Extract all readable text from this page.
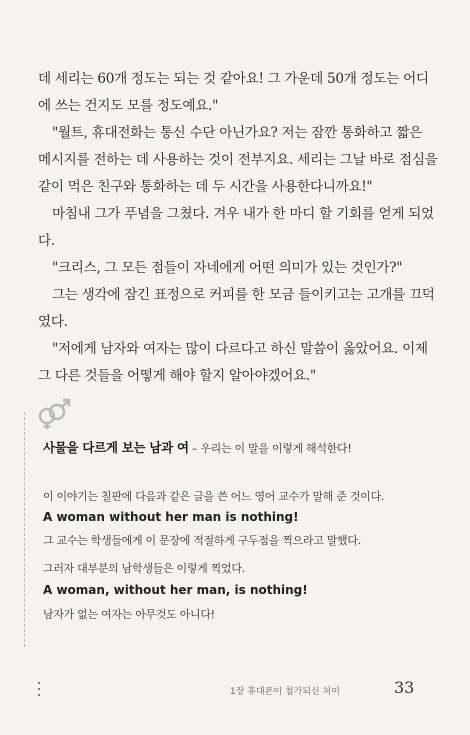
데 세리는 60개 정도는 되는 것 같아요! 그 가운데 50개 정도는 어디에 쓰는 건지도 모를 정도예요."

"월트, 휴대전화는 통신 수단 아닌가요? 저는 잠깐 통화하고 짧은 메시지를 전하는 데 사용하는 것이 전부지요. 세리는 그날 바로 점심을 같이 먹은 친구와 통화하는 데 두 시간을 사용한다니까요!"

마침내 그가 푸념을 그쳤다. 겨우 내가 한 마디 할 기회를 얻게 되었다.

"크리스, 그 모든 점들이 자네에게 어떤 의미가 있는 것인가?"

그는 생각에 잠긴 표정으로 커피를 한 모금 들이키고는 고개를 끄덕였다.

"저에게 남자와 여자는 많이 다르다고 하신 말씀이 옳았어요. 이제 그 다른 것들을 어떻게 해야 할지 알아야겠어요."

사물을 다르게 보는 남과 여 – 우리는 이 말을 이렇게 해석한다!
이 이야기는 칠판에 다음과 같은 글을 쓴 어느 영어 교수가 말해 준 것이다.
A woman without her man is nothing!
그 교수는 학생들에게 이 문장에 적절하게 구두점을 찍으라고 말했다.
그러자 대부분의 남학생들은 이렇게 찍었다.
A woman, without her man, is nothing!
남자가 없는 여자는 아무것도 아니다!
1장 휴대폰이 첨가되신 처이	33
